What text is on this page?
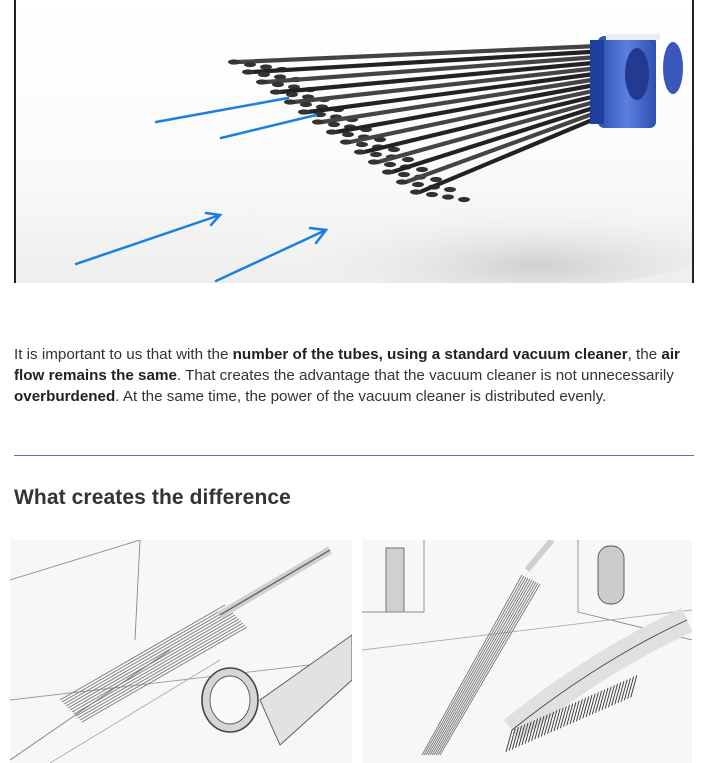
It is important to us that with the number of the tubes, using a standard vacuum cleaner, the air flow remains the same. That creates the advantage that the vacuum cleaner is not unnecessarily overburdened. At the same time, the power of the vacuum cleaner is distributed evenly.

What creates the difference
